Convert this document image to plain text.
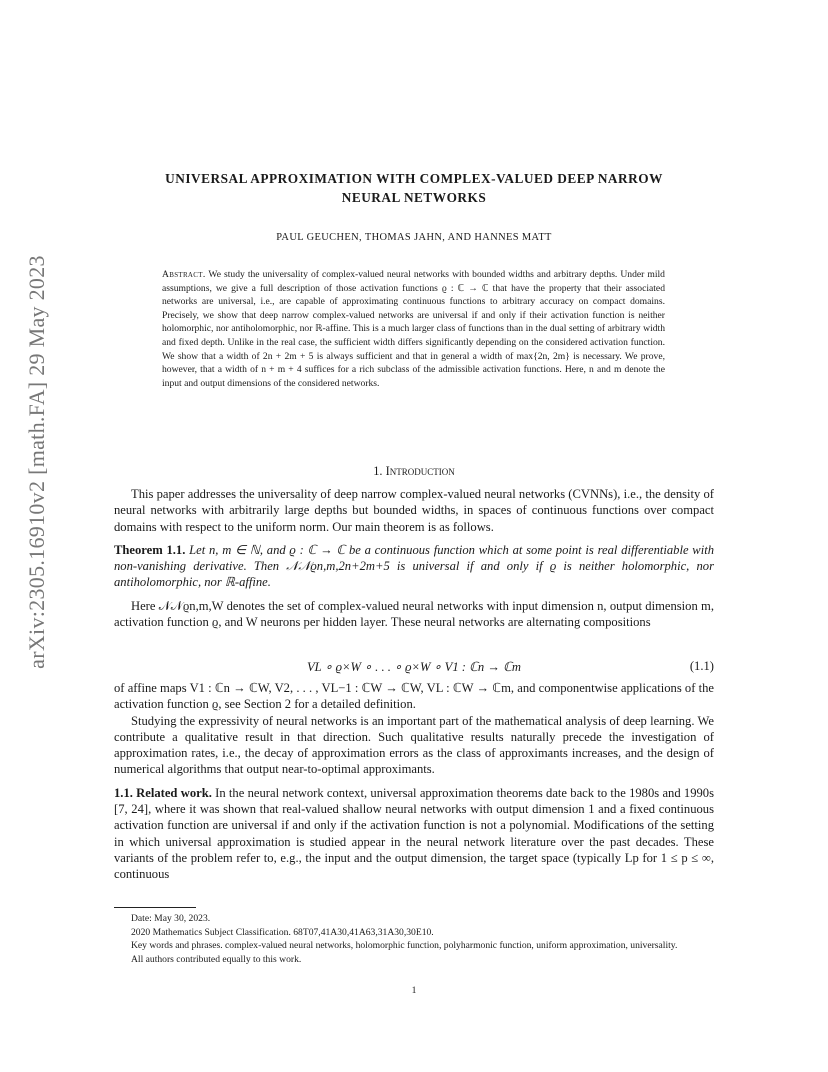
arXiv:2305.16910v2 [math.FA] 29 May 2023
UNIVERSAL APPROXIMATION WITH COMPLEX-VALUED DEEP NARROW
NEURAL NETWORKS
PAUL GEUCHEN, THOMAS JAHN, AND HANNES MATT
Abstract. We study the universality of complex-valued neural networks with bounded widths and arbitrary depths. Under mild assumptions, we give a full description of those activation functions ϱ : ℂ → ℂ that have the property that their associated networks are universal, i.e., are capable of approximating continuous functions to arbitrary accuracy on compact domains. Precisely, we show that deep narrow complex-valued networks are universal if and only if their activation function is neither holomorphic, nor antiholomorphic, nor ℝ-affine. This is a much larger class of functions than in the dual setting of arbitrary width and fixed depth. Unlike in the real case, the sufficient width differs significantly depending on the considered activation function. We show that a width of 2n + 2m + 5 is always sufficient and that in general a width of max{2n, 2m} is necessary. We prove, however, that a width of n + m + 4 suffices for a rich subclass of the admissible activation functions. Here, n and m denote the input and output dimensions of the considered networks.
1. Introduction

This paper addresses the universality of deep narrow complex-valued neural networks (CVNNs), i.e., the density of neural networks with arbitrarily large depths but bounded widths, in spaces of continuous functions over compact domains with respect to the uniform norm. Our main theorem is as follows.

Theorem 1.1. Let n, m ∈ ℕ, and ϱ : ℂ → ℂ be a continuous function which at some point is real differentiable with non-vanishing derivative. Then 𝒩𝒩ϱn,m,2n+2m+5 is universal if and only if ϱ is neither holomorphic, nor antiholomorphic, nor ℝ-affine.

Here 𝒩𝒩ϱn,m,W denotes the set of complex-valued neural networks with input dimension n, output dimension m, activation function ϱ, and W neurons per hidden layer. These neural networks are alternating compositions

VL ∘ ϱ×W ∘ . . . ∘ ϱ×W ∘ V1 : ℂn → ℂm	(1.1)

of affine maps V1 : ℂn → ℂW, V2, . . . , VL−1 : ℂW → ℂW, VL : ℂW → ℂm, and componentwise applications of the activation function ϱ, see Section 2 for a detailed definition.

Studying the expressivity of neural networks is an important part of the mathematical analysis of deep learning. We contribute a qualitative result in that direction. Such qualitative results naturally precede the investigation of approximation rates, i.e., the decay of approximation errors as the class of approximants increases, and the design of numerical algorithms that output near-to-optimal approximants.

1.1. Related work. In the neural network context, universal approximation theorems date back to the 1980s and 1990s [7, 24], where it was shown that real-valued shallow neural networks with output dimension 1 and a fixed continuous activation function are universal if and only if the activation function is not a polynomial. Modifications of the setting in which universal approximation is studied appear in the neural network literature over the past decades. These variants of the problem refer to, e.g., the input and the output dimension, the target space (typically Lp for 1 ≤ p ≤ ∞, continuous

Date: May 30, 2023.

2020 Mathematics Subject Classification. 68T07,41A30,41A63,31A30,30E10.

Key words and phrases. complex-valued neural networks, holomorphic function, polyharmonic function, uniform approximation, universality.

All authors contributed equally to this work.

1
